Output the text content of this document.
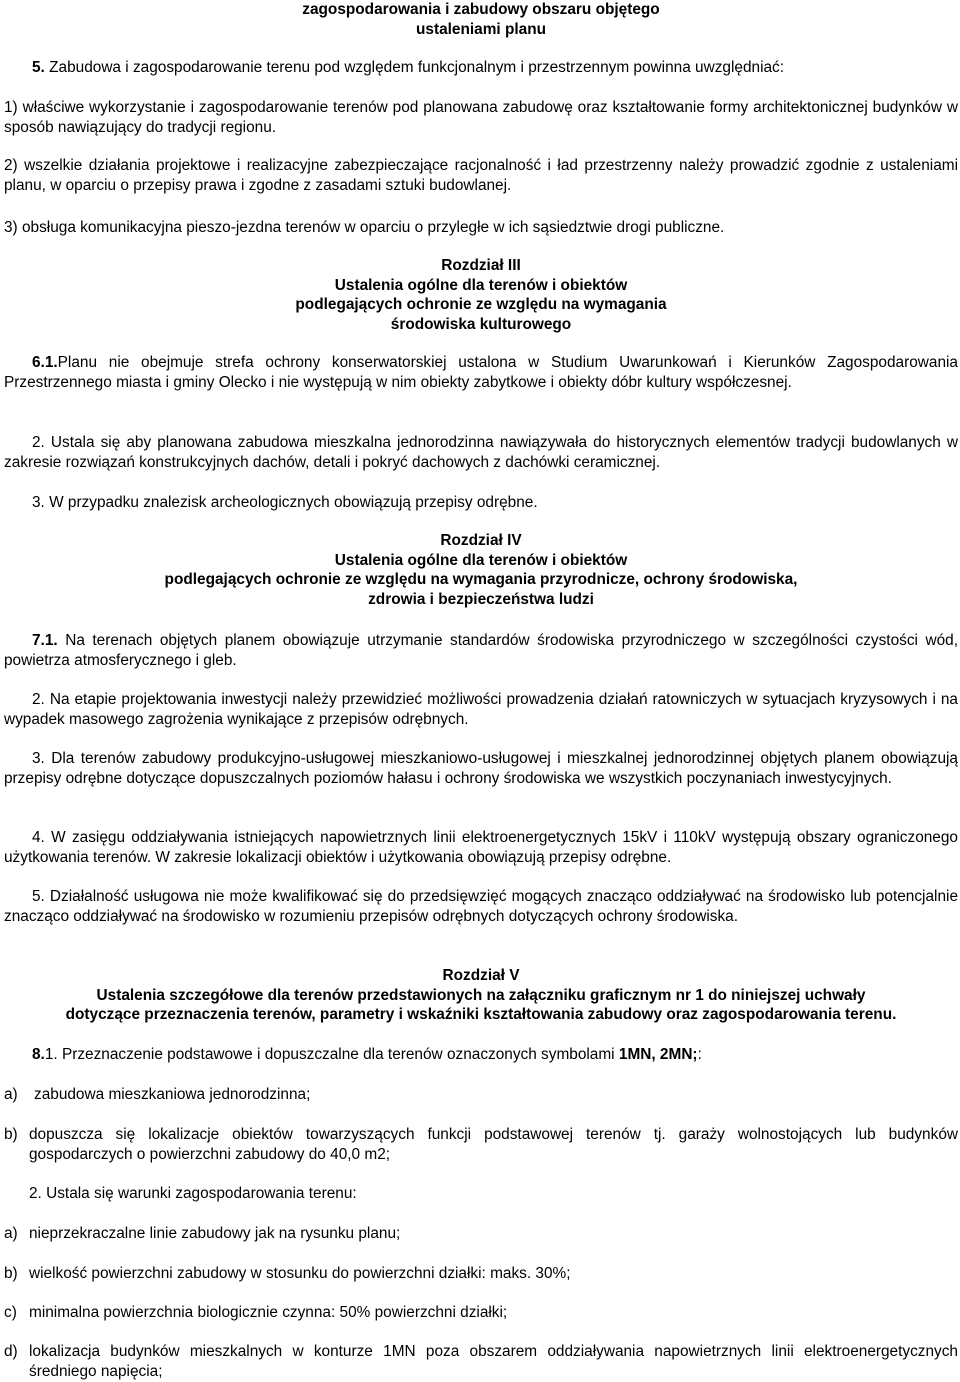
zagospodarowania i zabudowy obszaru objętego
ustaleniami planu

5. Zabudowa i zagospodarowanie terenu pod względem funkcjonalnym i przestrzennym powinna uwzględniać:

1) właściwe wykorzystanie i zagospodarowanie terenów pod planowana zabudowę oraz kształtowanie formy architektonicznej budynków w sposób nawiązujący do tradycji regionu.

2) wszelkie działania projektowe i realizacyjne zabezpieczające racjonalność i ład przestrzenny należy prowadzić zgodnie z ustaleniami planu, w oparciu o przepisy prawa i zgodne z zasadami sztuki budowlanej.

3) obsługa komunikacyjna pieszo-jezdna terenów w oparciu o przyległe w ich sąsiedztwie drogi publiczne.

Rozdział III
Ustalenia ogólne dla terenów i obiektów
podlegających ochronie ze względu na wymagania
środowiska kulturowego

6.1.Planu nie obejmuje strefa ochrony konserwatorskiej ustalona w Studium Uwarunkowań i Kierunków Zagospodarowania Przestrzennego miasta i gminy Olecko i nie występują w nim obiekty zabytkowe i obiekty dóbr kultury współczesnej.

2. Ustala się aby planowana zabudowa mieszkalna jednorodzinna nawiązywała do historycznych elementów tradycji budowlanych w zakresie rozwiązań konstrukcyjnych dachów, detali i pokryć dachowych z dachówki ceramicznej.

3. W przypadku znalezisk archeologicznych obowiązują przepisy odrębne.

Rozdział IV
Ustalenia ogólne dla terenów i obiektów
podlegających ochronie ze względu na wymagania przyrodnicze, ochrony środowiska,
zdrowia i bezpieczeństwa ludzi

7.1. Na terenach objętych planem obowiązuje utrzymanie standardów środowiska przyrodniczego w szczególności czystości wód, powietrza atmosferycznego i gleb.

2. Na etapie projektowania inwestycji należy przewidzieć możliwości prowadzenia działań ratowniczych w sytuacjach kryzysowych i na wypadek masowego zagrożenia wynikające z przepisów odrębnych.

3. Dla terenów zabudowy produkcyjno-usługowej mieszkaniowo-usługowej i mieszkalnej jednorodzinnej objętych planem obowiązują przepisy odrębne dotyczące dopuszczalnych poziomów hałasu i ochrony środowiska we wszystkich poczynaniach inwestycyjnych.

4. W zasięgu oddziaływania istniejących napowietrznych linii elektroenergetycznych 15kV i 110kV występują obszary ograniczonego użytkowania terenów. W zakresie lokalizacji obiektów i użytkowania obowiązują przepisy odrębne.

5. Działalność usługowa nie może kwalifikować się do przedsięwzięć mogących znacząco oddziaływać na środowisko lub potencjalnie znacząco oddziaływać na środowisko w rozumieniu przepisów odrębnych dotyczących ochrony środowiska.

Rozdział V
Ustalenia szczegółowe dla terenów przedstawionych na załączniku graficznym nr 1 do niniejszej uchwały
dotyczące przeznaczenia terenów, parametry i wskaźniki kształtowania zabudowy oraz zagospodarowania terenu.

8.1. Przeznaczenie podstawowe i dopuszczalne dla terenów oznaczonych symbolami 1MN, 2MN;:

a)	zabudowa mieszkaniowa jednorodzinna;
b) dopuszcza się lokalizacje obiektów towarzyszących funkcji podstawowej terenów tj. garaży wolnostojących lub budynków gospodarczych o powierzchni zabudowy do 40,0 m2;

2. Ustala się warunki zagospodarowania terenu:

a) nieprzekraczalne linie zabudowy jak na rysunku planu;
b) wielkość powierzchni zabudowy w stosunku do powierzchni działki: maks. 30%;
c) minimalna powierzchnia biologicznie czynna: 50% powierzchni działki;
d) lokalizacja budynków mieszkalnych w konturze 1MN poza obszarem oddziaływania napowietrznych linii elektroenergetycznych średniego napięcia;
